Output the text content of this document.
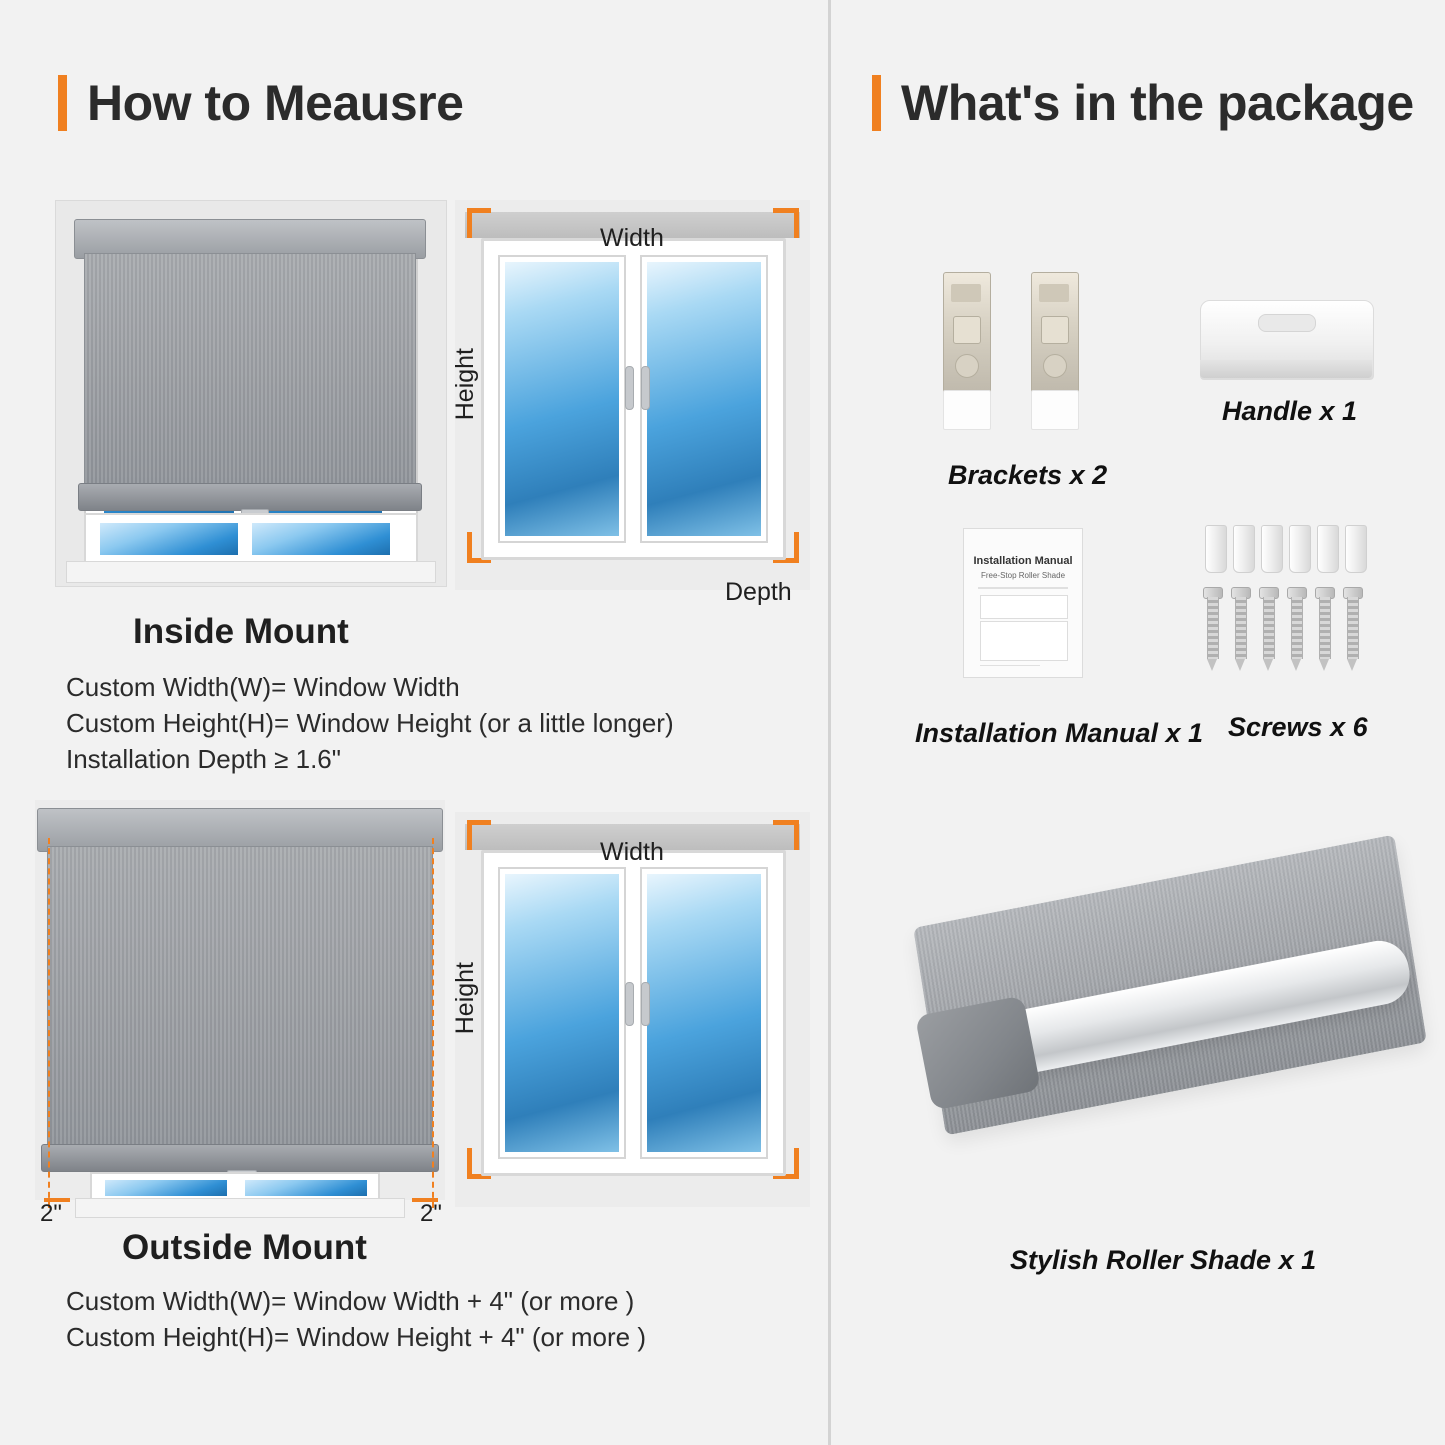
How to Meausre	What's in the package
Width
Height
Depth
Inside Mount
Custom Width(W)= Window Width
Custom Height(H)= Window Height (or a little longer)
Installation Depth ≥ 1.6"
2"	2"
Width
Height
Outside Mount
Custom Width(W)= Window Width + 4" (or more )
Custom Height(H)= Window Height + 4" (or more )
Brackets x 2
Handle x 1
Installation Manual
Free-Stop Roller Shade
Installation Manual x 1 Screws x 6
Stylish Roller Shade x 1
